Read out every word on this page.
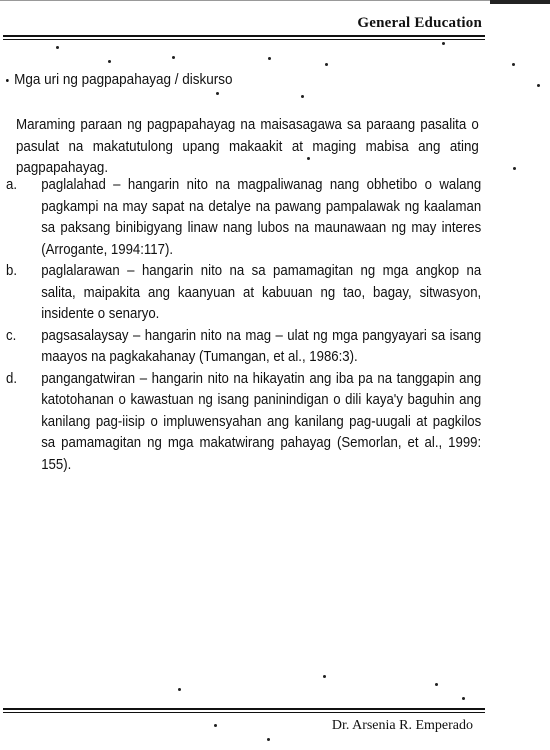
General Education
Mga uri ng pagpapahayag / diskurso
Maraming paraan ng pagpapahayag na maisasagawa sa paraang pasalita o pasulat na makatutulong upang makaakit at maging mabisa ang ating pagpapahayag.
a.	paglalahad – hangarin nito na magpaliwanag nang obhetibo o walang pagkampi na may sapat na detalye na pawang pampalawak ng kaalaman sa paksang binibigyang linaw nang lubos na maunawaan ng may interes (Arrogante, 1994:117).
b.	paglalarawan – hangarin nito na sa pamamagitan ng mga angkop na salita, maipakita ang kaanyuan at kabuuan ng tao, bagay, sitwasyon, insidente o senaryo.
c.	pagsasalaysay – hangarin nito na mag – ulat ng mga pangyayari sa isang maayos na pagkakahanay (Tumangan, et al., 1986:3).
d.	pangangatwiran – hangarin nito na hikayatin ang iba pa na tanggapin ang katotohanan o kawastuan ng isang paninindigan o dili kaya'y baguhin ang kanilang pag-iisip o impluwensyahan ang kanilang pag-uugali at pagkilos sa pamamagitan ng mga makatwirang pahayag (Semorlan, et al., 1999: 155).
Dr. Arsenia R. Emperado
